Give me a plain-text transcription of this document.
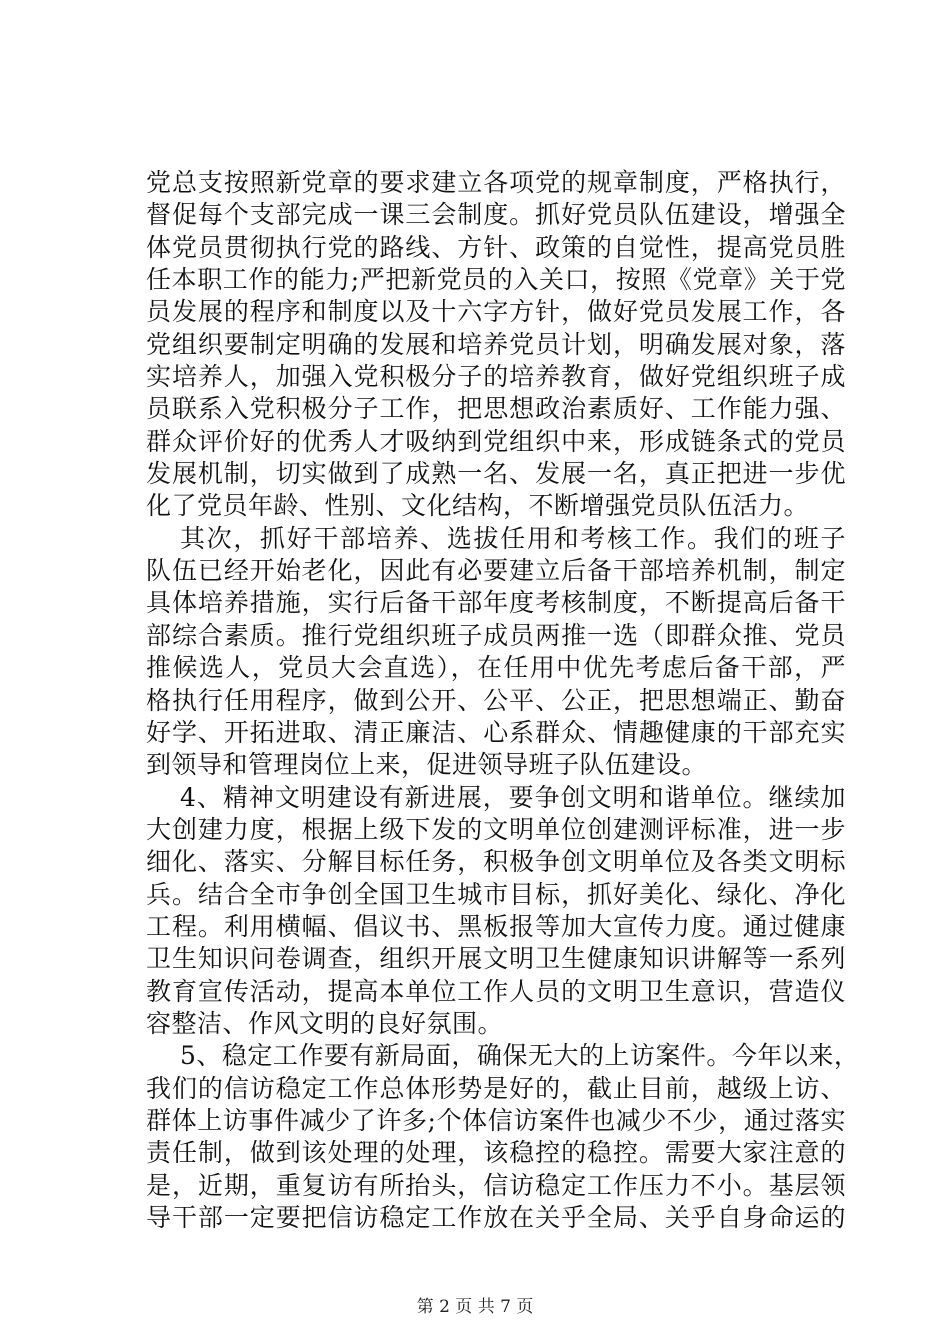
党总支按照新党章的要求建立各项党的规章制度，严格执行，
督促每个支部完成一课三会制度。抓好党员队伍建设，增强全
体党员贯彻执行党的路线、方针、政策的自觉性，提高党员胜
任本职工作的能力;严把新党员的入关口，按照《党章》关于党
员发展的程序和制度以及十六字方针，做好党员发展工作，各
党组织要制定明确的发展和培养党员计划，明确发展对象，落
实培养人，加强入党积极分子的培养教育，做好党组织班子成
员联系入党积极分子工作，把思想政治素质好、工作能力强、
群众评价好的优秀人才吸纳到党组织中来，形成链条式的党员
发展机制，切实做到了成熟一名、发展一名，真正把进一步优
化了党员年龄、性别、文化结构，不断增强党员队伍活力。
其次，抓好干部培养、选拔任用和考核工作。我们的班子
队伍已经开始老化，因此有必要建立后备干部培养机制，制定
具体培养措施，实行后备干部年度考核制度，不断提高后备干
部综合素质。推行党组织班子成员两推一选（即群众推、党员
推候选人，党员大会直选），在任用中优先考虑后备干部，严
格执行任用程序，做到公开、公平、公正，把思想端正、勤奋
好学、开拓进取、清正廉洁、心系群众、情趣健康的干部充实
到领导和管理岗位上来，促进领导班子队伍建设。
4、精神文明建设有新进展，要争创文明和谐单位。继续加
大创建力度，根据上级下发的文明单位创建测评标准，进一步
细化、落实、分解目标任务，积极争创文明单位及各类文明标
兵。结合全市争创全国卫生城市目标，抓好美化、绿化、净化
工程。利用横幅、倡议书、黑板报等加大宣传力度。通过健康
卫生知识问卷调查，组织开展文明卫生健康知识讲解等一系列
教育宣传活动，提高本单位工作人员的文明卫生意识，营造仪
容整洁、作风文明的良好氛围。
5、稳定工作要有新局面，确保无大的上访案件。今年以来，
我们的信访稳定工作总体形势是好的，截止目前，越级上访、
群体上访事件减少了许多;个体信访案件也减少不少，通过落实
责任制，做到该处理的处理，该稳控的稳控。需要大家注意的
是，近期，重复访有所抬头，信访稳定工作压力不小。基层领
导干部一定要把信访稳定工作放在关乎全局、关乎自身命运的
第 2 页 共 7 页
